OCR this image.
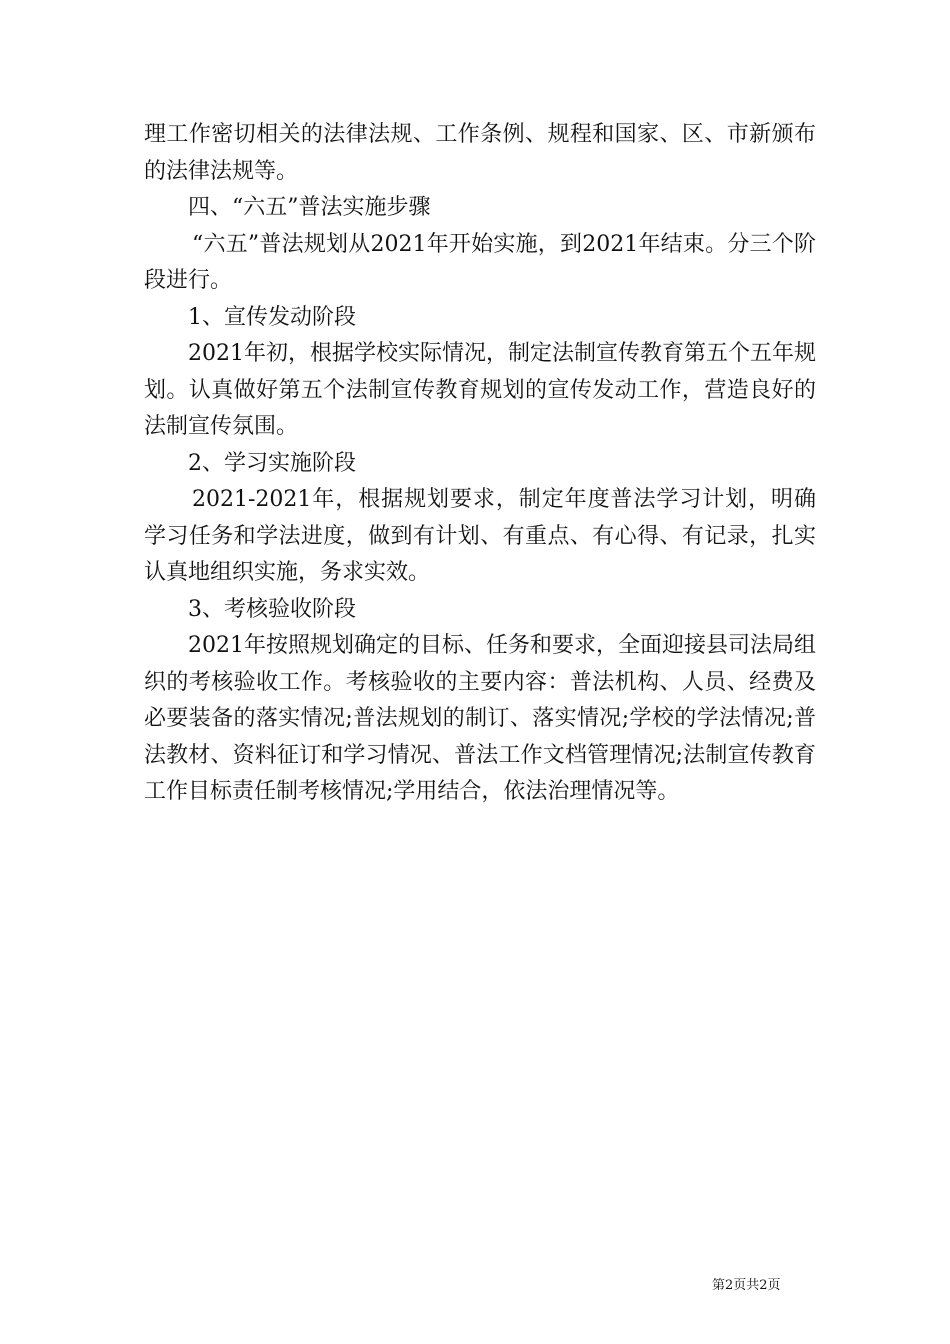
理工作密切相关的法律法规、工作条例、规程和国家、区、市新颁布的法律法规等。

四、“六五”普法实施步骤

“六五”普法规划从2021年开始实施，到2021年结束。分三个阶段进行。

1、宣传发动阶段

2021年初，根据学校实际情况，制定法制宣传教育第五个五年规划。认真做好第五个法制宣传教育规划的宣传发动工作，营造良好的法制宣传氛围。

2、学习实施阶段

2021-2021年，根据规划要求，制定年度普法学习计划，明确学习任务和学法进度，做到有计划、有重点、有心得、有记录，扎实认真地组织实施，务求实效。

3、考核验收阶段

2021年按照规划确定的目标、任务和要求，全面迎接县司法局组织的考核验收工作。考核验收的主要内容：普法机构、人员、经费及必要装备的落实情况;普法规划的制订、落实情况;学校的学法情况;普法教材、资料征订和学习情况、普法工作文档管理情况;法制宣传教育工作目标责任制考核情况;学用结合，依法治理情况等。

第2页共2页
